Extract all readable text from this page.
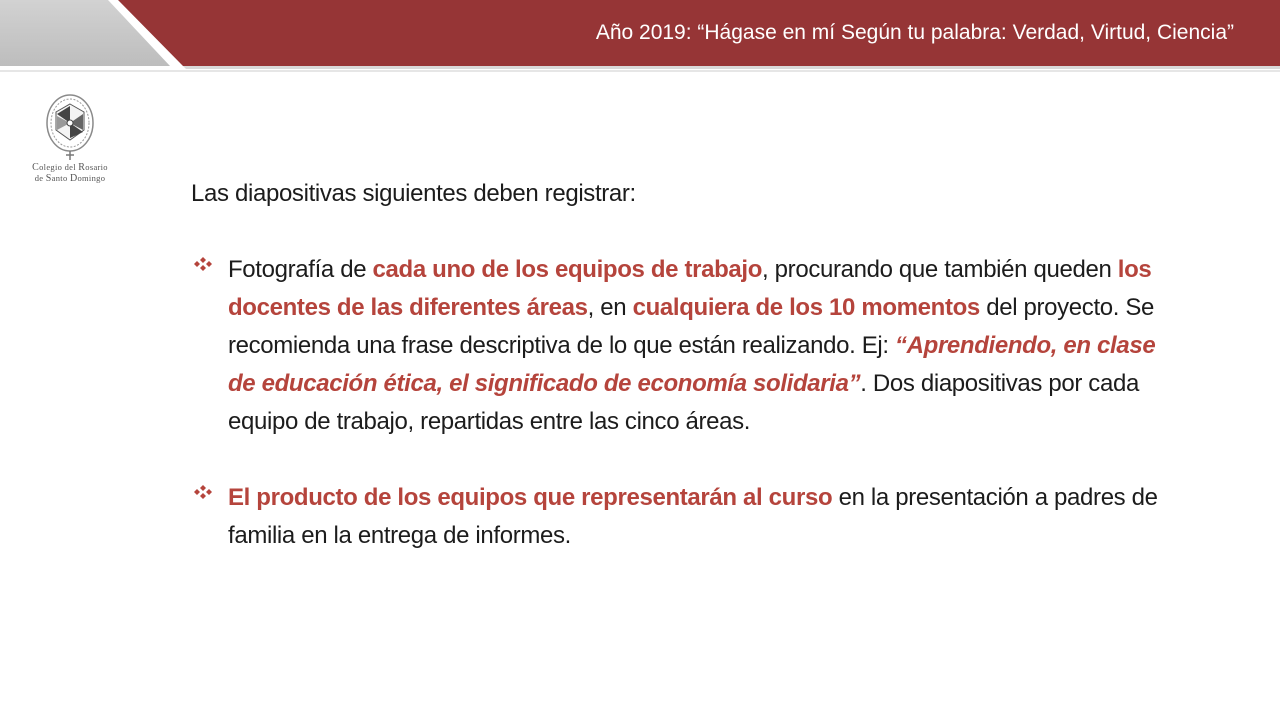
Año 2019: “Hágase en mí Según tu palabra: Verdad, Virtud, Ciencia”
Colegio del Rosario
de Santo Domingo

Las diapositivas siguientes deben registrar:

Fotografía de cada uno de los equipos de trabajo, procurando que también queden los docentes de las diferentes áreas, en cualquiera de los 10 momentos del proyecto. Se recomienda una frase descriptiva de lo que están realizando. Ej: “Aprendiendo, en clase de educación ética, el significado de economía solidaria”. Dos diapositivas por cada equipo de trabajo, repartidas entre las cinco áreas.

El producto de los equipos que representarán al curso en la presentación a padres de familia en la entrega de informes.
